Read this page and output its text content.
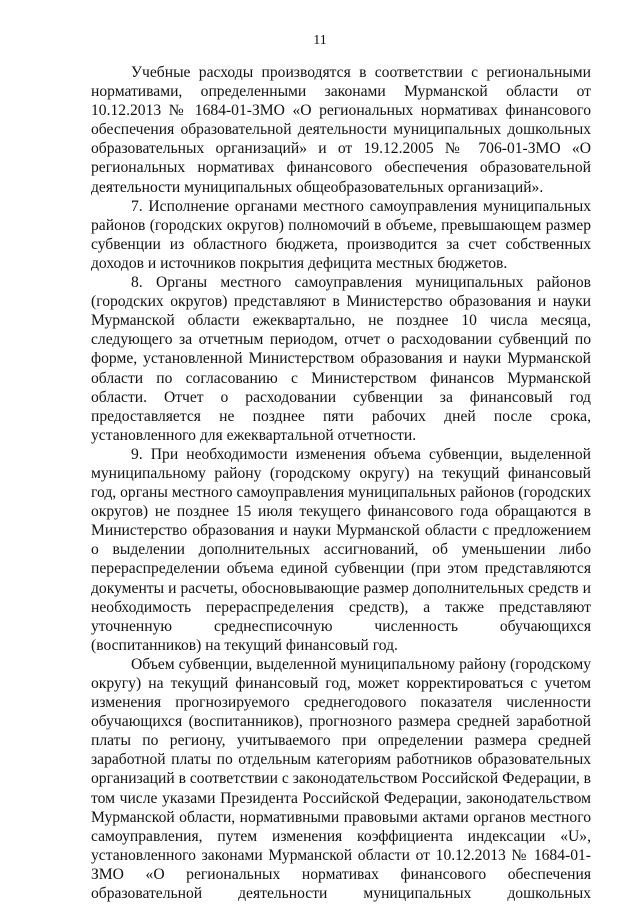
11

Учебные расходы производятся в соответствии с региональными нормативами, определенными законами Мурманской области от 10.12.2013 № 1684-01-ЗМО «О региональных нормативах финансового обеспечения образовательной деятельности муниципальных дошкольных образовательных организаций» и от 19.12.2005 № 706-01-ЗМО «О региональных нормативах финансового обеспечения образовательной деятельности муниципальных общеобразовательных организаций».

7. Исполнение органами местного самоуправления муниципальных районов (городских округов) полномочий в объеме, превышающем размер субвенции из областного бюджета, производится за счет собственных доходов и источников покрытия дефицита местных бюджетов.

8. Органы местного самоуправления муниципальных районов (городских округов) представляют в Министерство образования и науки Мурманской области ежеквартально, не позднее 10 числа месяца, следующего за отчетным периодом, отчет о расходовании субвенций по форме, установленной Министерством образования и науки Мурманской области по согласованию с Министерством финансов Мурманской области. Отчет о расходовании субвенции за финансовый год предоставляется не позднее пяти рабочих дней после срока, установленного для ежеквартальной отчетности.

9. При необходимости изменения объема субвенции, выделенной муниципальному району (городскому округу) на текущий финансовый год, органы местного самоуправления муниципальных районов (городских округов) не позднее 15 июля текущего финансового года обращаются в Министерство образования и науки Мурманской области с предложением о выделении дополнительных ассигнований, об уменьшении либо перераспределении объема единой субвенции (при этом представляются документы и расчеты, обосновывающие размер дополнительных средств и необходимость перераспределения средств), а также представляют уточненную среднесписочную численность обучающихся (воспитанников) на текущий финансовый год.

Объем субвенции, выделенной муниципальному району (городскому округу) на текущий финансовый год, может корректироваться с учетом изменения прогнозируемого среднегодового показателя численности обучающихся (воспитанников), прогнозного размера средней заработной платы по региону, учитываемого при определении размера средней заработной платы по отдельным категориям работников образовательных организаций в соответствии с законодательством Российской Федерации, в том числе указами Президента Российской Федерации, законодательством Мурманской области, нормативными правовыми актами органов местного самоуправления, путем изменения коэффициента индексации «U», установленного законами Мурманской области от 10.12.2013 № 1684-01-ЗМО «О региональных нормативах финансового обеспечения образовательной деятельности муниципальных дошкольных
